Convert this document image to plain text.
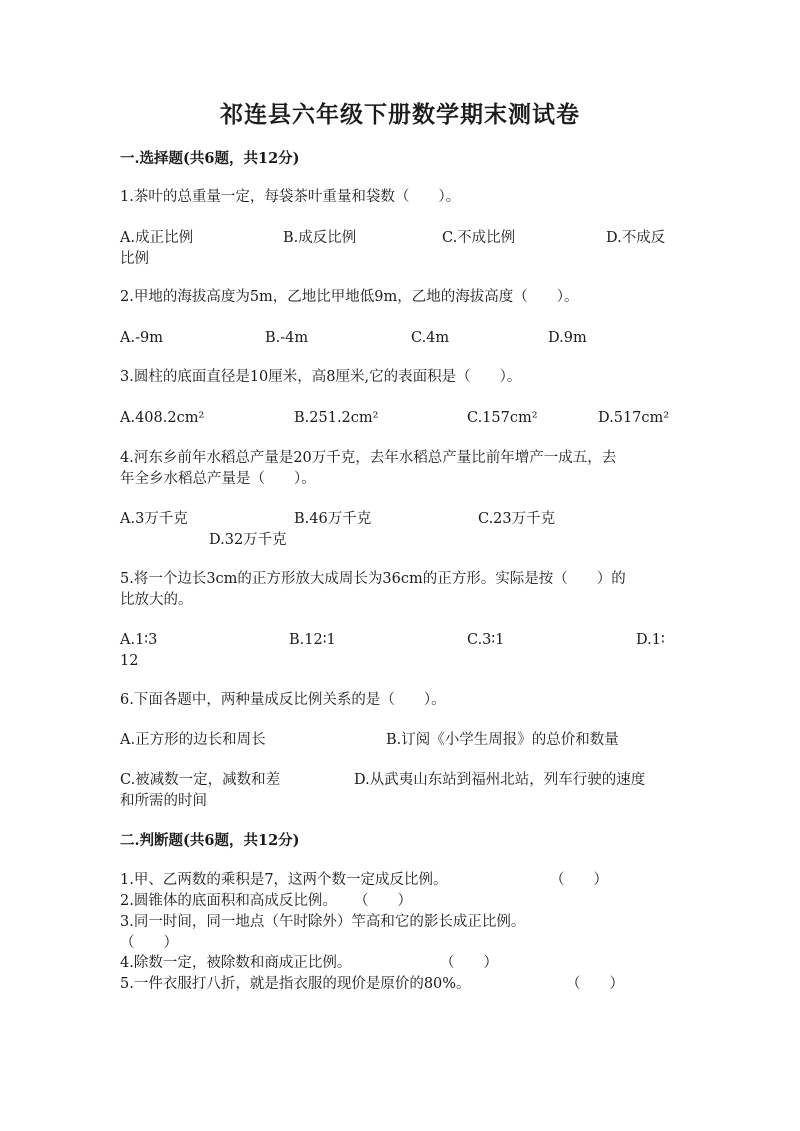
祁连县六年级下册数学期末测试卷
一.选择题(共6题，共12分)
1.茶叶的总重量一定，每袋茶叶重量和袋数（　　）。
A.成正比例	B.成反比例	C.不成比例	D.不成反
比例
2.甲地的海拔高度为5m，乙地比甲地低9m，乙地的海拔高度（　　）。
A.-9m	B.-4m	C.4m	D.9m
3.圆柱的底面直径是10厘米，高8厘米,它的表面积是（　　）。
A.408.2cm²	B.251.2cm²	C.157cm²	D.517cm²
4.河东乡前年水稻总产量是20万千克，去年水稻总产量比前年增产一成五，去
年全乡水稻总产量是（　　）。
A.3万千克	B.46万千克	C.23万千克
D.32万千克
5.将一个边长3cm的正方形放大成周长为36cm的正方形。实际是按（　　）的
比放大的。
A.1∶3	B.12∶1	C.3∶1	D.1∶
12
6.下面各题中，两种量成反比例关系的是（　　）。
A.正方形的边长和周长	B.订阅《小学生周报》的总价和数量
C.被减数一定，减数和差	D.从武夷山东站到福州北站，列车行驶的速度
和所需的时间
二.判断题(共6题，共12分)
1.甲、乙两数的乘积是7，这两个数一定成反比例。	（　　）
2.圆锥体的底面积和高成反比例。 （　　）
3.同一时间，同一地点（午时除外）竿高和它的影长成正比例。
（　　）
4.除数一定，被除数和商成正比例。	（　　）
5.一件衣服打八折，就是指衣服的现价是原价的80%。	（　　）
